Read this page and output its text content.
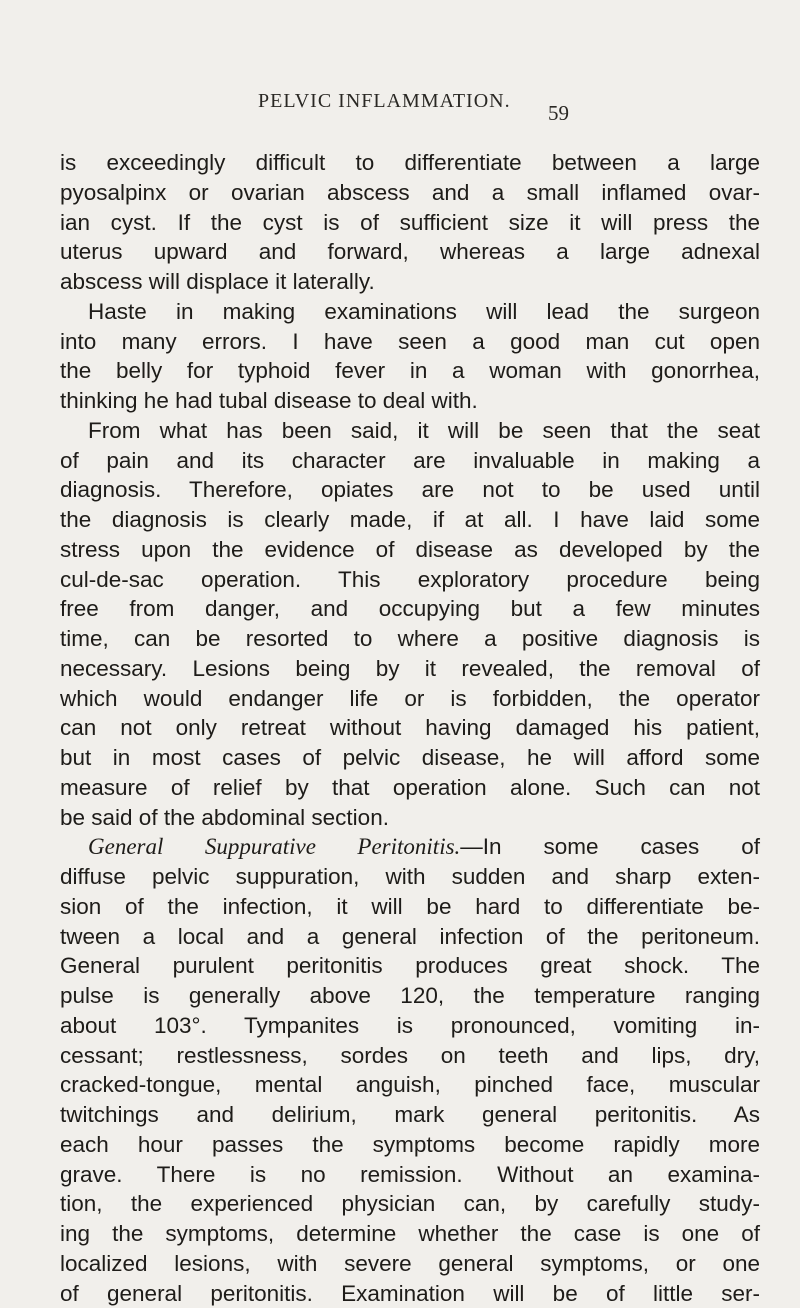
PELVIC INFLAMMATION. 59
is exceedingly difficult to differentiate between a large
pyosalpinx or ovarian abscess and a small inflamed ovar-
ian cyst. If the cyst is of sufficient size it will press the
uterus upward and forward, whereas a large adnexal
abscess will displace it laterally.
Haste in making examinations will lead the surgeon
into many errors. I have seen a good man cut open
the belly for typhoid fever in a woman with gonorrhea,
thinking he had tubal disease to deal with.
From what has been said, it will be seen that the seat
of pain and its character are invaluable in making a
diagnosis. Therefore, opiates are not to be used until
the diagnosis is clearly made, if at all. I have laid some
stress upon the evidence of disease as developed by the
cul-de-sac operation. This exploratory procedure being
free from danger, and occupying but a few minutes
time, can be resorted to where a positive diagnosis is
necessary. Lesions being by it revealed, the removal of
which would endanger life or is forbidden, the operator
can not only retreat without having damaged his patient,
but in most cases of pelvic disease, he will afford some
measure of relief by that operation alone. Such can not
be said of the abdominal section.
General Suppurative Peritonitis.—In some cases of
diffuse pelvic suppuration, with sudden and sharp exten-
sion of the infection, it will be hard to differentiate be-
tween a local and a general infection of the peritoneum.
General purulent peritonitis produces great shock. The
pulse is generally above 120, the temperature ranging
about 103°. Tympanites is pronounced, vomiting in-
cessant; restlessness, sordes on teeth and lips, dry,
cracked-tongue, mental anguish, pinched face, muscular
twitchings and delirium, mark general peritonitis. As
each hour passes the symptoms become rapidly more
grave. There is no remission. Without an examina-
tion, the experienced physician can, by carefully study-
ing the symptoms, determine whether the case is one of
localized lesions, with severe general symptoms, or one
of general peritonitis. Examination will be of little ser-
